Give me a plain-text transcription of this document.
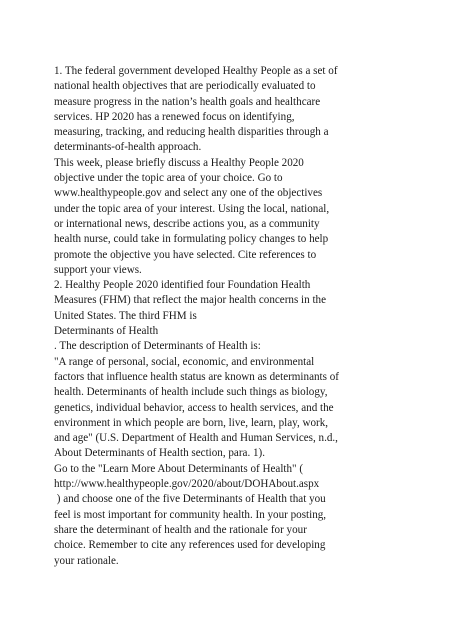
1. The federal government developed Healthy People as a set of
national health objectives that are periodically evaluated to
measure progress in the nation’s health goals and healthcare
services. HP 2020 has a renewed focus on identifying,
measuring, tracking, and reducing health disparities through a
determinants-of-health approach.
This week, please briefly discuss a Healthy People 2020
objective under the topic area of your choice. Go to
www.healthypeople.gov and select any one of the objectives
under the topic area of your interest. Using the local, national,
or international news, describe actions you, as a community
health nurse, could take in formulating policy changes to help
promote the objective you have selected. Cite references to
support your views.
2. Healthy People 2020 identified four Foundation Health
Measures (FHM) that reflect the major health concerns in the
United States. The third FHM is
Determinants of Health
. The description of Determinants of Health is:
"A range of personal, social, economic, and environmental
factors that influence health status are known as determinants of
health. Determinants of health include such things as biology,
genetics, individual behavior, access to health services, and the
environment in which people are born, live, learn, play, work,
and age" (U.S. Department of Health and Human Services, n.d.,
About Determinants of Health section, para. 1).
Go to the "Learn More About Determinants of Health" (
http://www.healthypeople.gov/2020/about/DOHAbout.aspx
) and choose one of the five Determinants of Health that you
feel is most important for community health. In your posting,
share the determinant of health and the rationale for your
choice. Remember to cite any references used for developing
your rationale.
